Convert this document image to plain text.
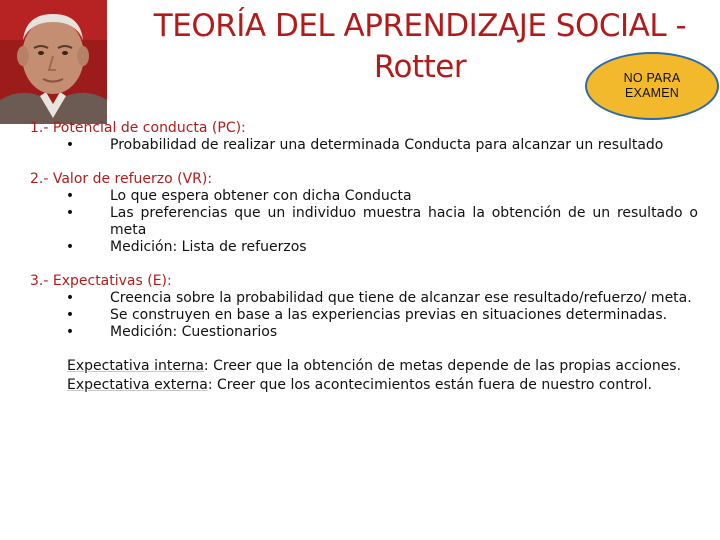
TEORÍA DEL APRENDIZAJE SOCIAL -
Rotter	NO PARA
EXAMEN
1.- Potencial de conducta (PC):
•	Probabilidad de realizar una determinada Conducta para alcanzar un resultado
2.- Valor de refuerzo (VR):
•	Lo que espera obtener con dicha Conducta
•	Las preferencias que un individuo muestra hacia la obtención de un resultado o meta
•	Medición: Lista de refuerzos
3.- Expectativas (E):
•	Creencia sobre la probabilidad que tiene de alcanzar ese resultado/refuerzo/ meta.
•	Se construyen en base a las experiencias previas en situaciones determinadas.
•	Medición: Cuestionarios
Expectativa interna: Creer que la obtención de metas depende de las propias acciones.
Expectativa externa: Creer que los acontecimientos están fuera de nuestro control.
